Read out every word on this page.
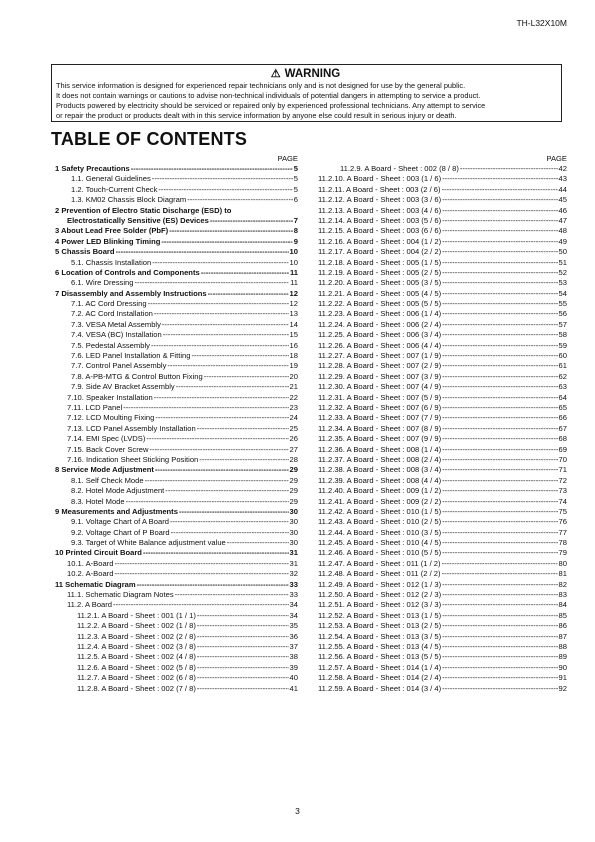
TH-L32X10M
⚠ WARNING
This service information is designed for experienced repair technicians only and is not designed for use by the general public.
It does not contain warnings or cautions to advise non-technical individuals of potential dangers in attempting to service a product.
Products powered by electricity should be serviced or repaired only by experienced professional technicians. Any attempt to service
or repair the product or products dealt with in this service information by anyone else could result in serious injury or death.
TABLE OF CONTENTS
PAGE
1 Safety Precautions -----	5
1.1. General Guidelines -----	5
1.2. Touch-Current Check -----	5
1.3. KM02 Chassis Block Diagram -----	6
2 Prevention of Electro Static Discharge (ESD) to
Electrostatically Sensitive (ES) Devices -----	7
3 About Lead Free Solder (PbF) -----	8
4 Power LED Blinking Timing -----	9
5 Chassis Board -----	10
5.1. Chassis Installation -----	10
6 Location of Controls and Components -----	11
6.1. Wire Dressing -----	11
7 Disassembly and Assembly Instructions -----	12
7.1. AC Cord Dressing -----	12
7.2. AC Cord Installation -----	13
7.3. VESA Metal Assembly -----	14
7.4. VESA (BC) Installation -----	15
7.5. Pedestal Assembly -----	16
7.6. LED Panel Installation & Fitting -----	18
7.7. Control Panel Assembly -----	19
7.8. A-PB-MTG & Control Button Fixing -----	20
7.9. Side AV Bracket Assembly -----	21
7.10. Speaker Installation -----	22
7.11. LCD Panel -----	23
7.12. LCD Moulting Fixing -----	24
7.13. LCD Panel Assembly Installation -----	25
7.14. EMI Spec (LVDS) -----	26
7.15. Back Cover Screw -----	27
7.16. Indication Sheet Sticking Position -----	28
8 Service Mode Adjustment -----	29
8.1. Self Check Mode -----	29
8.2. Hotel Mode Adjustment -----	29
8.3. Hotel Mode -----	29
9 Measurements and Adjustments -----	30
9.1. Voltage Chart of A Board -----	30
9.2. Voltage Chart of P Board -----	30
9.3. Target of White Balance adjustment value -----	30
10 Printed Circuit Board -----	31
10.1. A-Board -----	31
10.2. A-Board -----	32
11 Schematic Diagram -----	33
11.1. Schematic Diagram Notes -----	33
11.2. A Board -----	34
11.2.1. A Board - Sheet : 001 (1 / 1) -----	34
11.2.2. A Board - Sheet : 002 (1 / 8) -----	35
11.2.3. A Board - Sheet : 002 (2 / 8) -----	36
11.2.4. A Board - Sheet : 002 (3 / 8) -----	37
11.2.5. A Board - Sheet : 002 (4 / 8) -----	38
11.2.6. A Board - Sheet : 002 (5 / 8) -----	39
11.2.7. A Board - Sheet : 002 (6 / 8) -----	40
11.2.8. A Board - Sheet : 002 (7 / 8) -----	41
PAGE
11.2.9. A Board - Sheet : 002 (8 / 8) -----	42
11.2.10. A Board - Sheet : 003 (1 / 6) -----	43
11.2.11. A Board - Sheet : 003 (2 / 6) -----	44
11.2.12. A Board - Sheet : 003 (3 / 6) -----	45
11.2.13. A Board - Sheet : 003 (4 / 6) -----	46
11.2.14. A Board - Sheet : 003 (5 / 6) -----	47
11.2.15. A Board - Sheet : 003 (6 / 6) -----	48
11.2.16. A Board - Sheet : 004 (1 / 2) -----	49
11.2.17. A Board - Sheet : 004 (2 / 2) -----	50
11.2.18. A Board - Sheet : 005 (1 / 5) -----	51
11.2.19. A Board - Sheet : 005 (2 / 5) -----	52
11.2.20. A Board - Sheet : 005 (3 / 5) -----	53
11.2.21. A Board - Sheet : 005 (4 / 5) -----	54
11.2.22. A Board - Sheet : 005 (5 / 5) -----	55
11.2.23. A Board - Sheet : 006 (1 / 4) -----	56
11.2.24. A Board - Sheet : 006 (2 / 4) -----	57
11.2.25. A Board - Sheet : 006 (3 / 4) -----	58
11.2.26. A Board - Sheet : 006 (4 / 4) -----	59
11.2.27. A Board - Sheet : 007 (1 / 9) -----	60
11.2.28. A Board - Sheet : 007 (2 / 9) -----	61
11.2.29. A Board - Sheet : 007 (3 / 9) -----	62
11.2.30. A Board - Sheet : 007 (4 / 9) -----	63
11.2.31. A Board - Sheet : 007 (5 / 9) -----	64
11.2.32. A Board - Sheet : 007 (6 / 9) -----	65
11.2.33. A Board - Sheet : 007 (7 / 9) -----	66
11.2.34. A Board - Sheet : 007 (8 / 9) -----	67
11.2.35. A Board - Sheet : 007 (9 / 9) -----	68
11.2.36. A Board - Sheet : 008 (1 / 4) -----	69
11.2.37. A Board - Sheet : 008 (2 / 4) -----	70
11.2.38. A Board - Sheet : 008 (3 / 4) -----	71
11.2.39. A Board - Sheet : 008 (4 / 4) -----	72
11.2.40. A Board - Sheet : 009 (1 / 2) -----	73
11.2.41. A Board - Sheet : 009 (2 / 2) -----	74
11.2.42. A Board - Sheet : 010 (1 / 5) -----	75
11.2.43. A Board - Sheet : 010 (2 / 5) -----	76
11.2.44. A Board - Sheet : 010 (3 / 5) -----	77
11.2.45. A Board - Sheet : 010 (4 / 5) -----	78
11.2.46. A Board - Sheet : 010 (5 / 5) -----	79
11.2.47. A Board - Sheet : 011 (1 / 2) -----	80
11.2.48. A Board - Sheet : 011 (2 / 2) -----	81
11.2.49. A Board - Sheet : 012 (1 / 3) -----	82
11.2.50. A Board - Sheet : 012 (2 / 3) -----	83
11.2.51. A Board - Sheet : 012 (3 / 3) -----	84
11.2.52. A Board - Sheet : 013 (1 / 5) -----	85
11.2.53. A Board - Sheet : 013 (2 / 5) -----	86
11.2.54. A Board - Sheet : 013 (3 / 5) -----	87
11.2.55. A Board - Sheet : 013 (4 / 5) -----	88
11.2.56. A Board - Sheet : 013 (5 / 5) -----	89
11.2.57. A Board - Sheet : 014 (1 / 4) -----	90
11.2.58. A Board - Sheet : 014 (2 / 4) -----	91
11.2.59. A Board - Sheet : 014 (3 / 4) -----	92
3
